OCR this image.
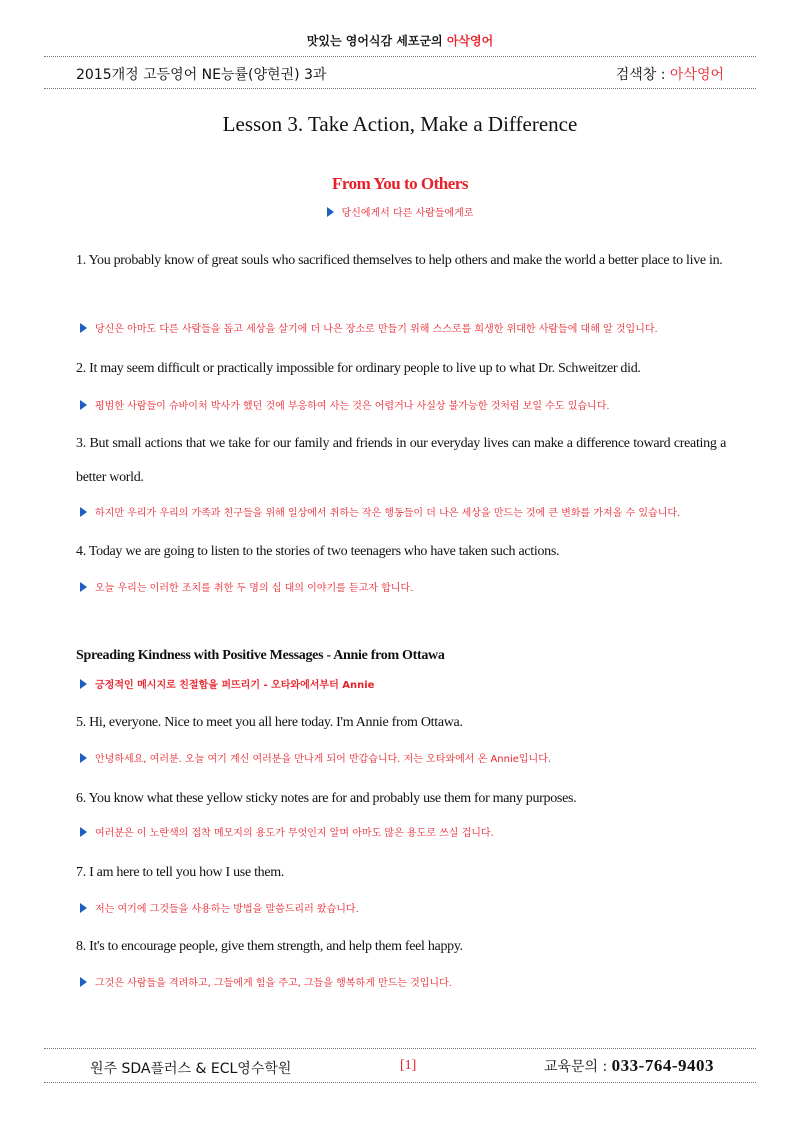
맛있는 영어식감 세포군의 아삭영어
2015개정 고등영어 NE능률(양현권) 3과	검색창 : 아삭영어
Lesson 3. Take Action, Make a Difference
From You to Others
당신에게서 다른 사람들에게로
1. You probably know of great souls who sacrificed themselves to help others and make the world a better place to live in.
당신은 아마도 다른 사람들을 돕고 세상을 살기에 더 나은 장소로 만들기 위해 스스로를 희생한 위대한 사람들에 대해 알 것입니다.
2. It may seem difficult or practically impossible for ordinary people to live up to what Dr. Schweitzer did.
평범한 사람들이 슈바이처 박사가 했던 것에 부응하여 사는 것은 어렵거나 사실상 불가능한 것처럼 보일 수도 있습니다.
3. But small actions that we take for our family and friends in our everyday lives can make a difference toward creating a better world.
하지만 우리가 우리의 가족과 친구들을 위해 일상에서 취하는 작은 행동들이 더 나은 세상을 만드는 것에 큰 변화를 가져올 수 있습니다.
4. Today we are going to listen to the stories of two teenagers who have taken such actions.
오늘 우리는 이러한 조치를 취한 두 명의 십 대의 이야기를 듣고자 합니다.
Spreading Kindness with Positive Messages - Annie from Ottawa
긍정적인 메시지로 친절함을 퍼뜨리기 - 오타와에서부터 Annie
5. Hi, everyone. Nice to meet you all here today. I'm Annie from Ottawa.
안녕하세요, 여러분. 오늘 여기 계신 여러분을 만나게 되어 반갑습니다. 저는 오타와에서 온 Annie입니다.
6. You know what these yellow sticky notes are for and probably use them for many purposes.
여러분은 이 노란색의 접착 메모지의 용도가 무엇인지 알며 아마도 많은 용도로 쓰실 겁니다.
7. I am here to tell you how I use them.
저는 여기에 그것들을 사용하는 방법을 말씀드리러 왔습니다.
8. It's to encourage people, give them strength, and help them feel happy.
그것은 사람들을 격려하고, 그들에게 힘을 주고, 그들을 행복하게 만드는 것입니다.
원주 SDA플러스 & ECL영수학원	[1]	교육문의 : 033-764-9403
